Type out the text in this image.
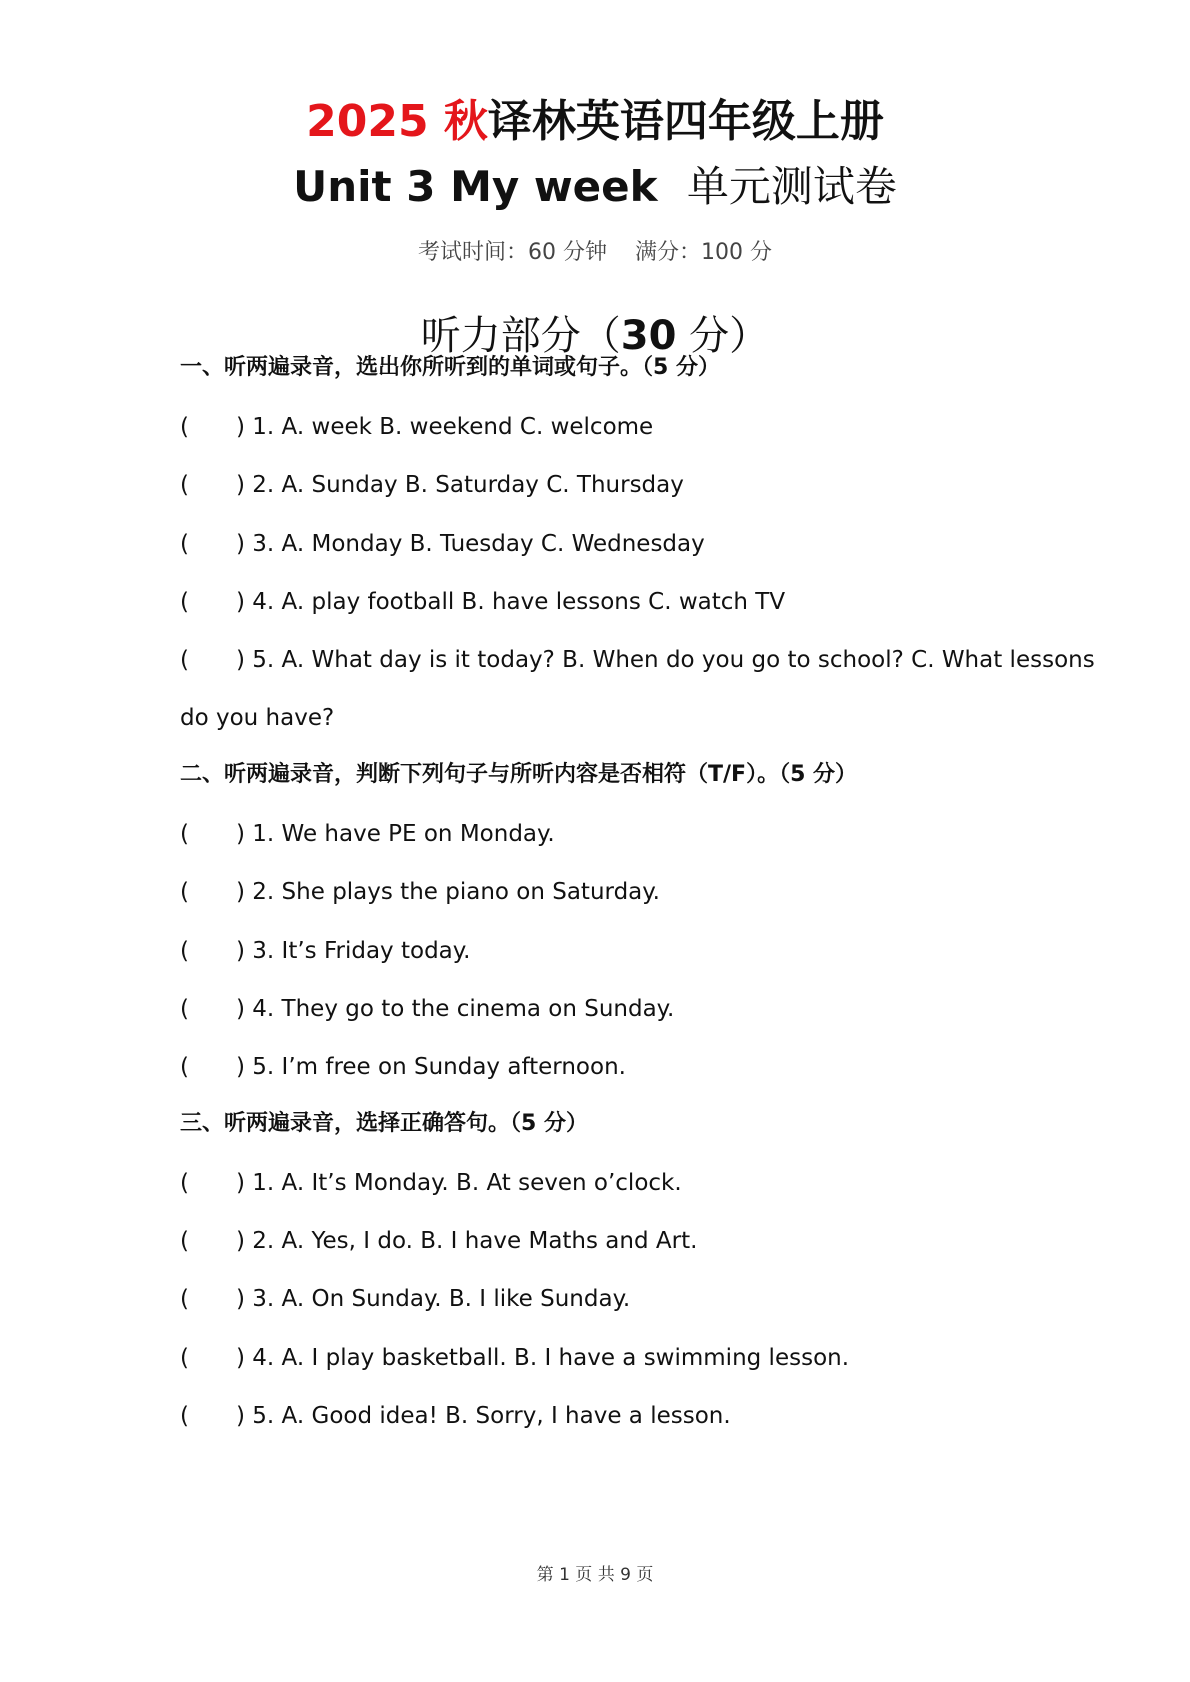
2025 秋译林英语四年级上册
Unit 3 My week 单元测试卷
考试时间：60 分钟    满分：100 分
听力部分（30 分）
一、听两遍录音，选出你所听到的单词或句子。（5 分）
( ) 1. A. week B. weekend C. welcome
( ) 2. A. Sunday B. Saturday C. Thursday
( ) 3. A. Monday B. Tuesday C. Wednesday
( ) 4. A. play football B. have lessons C. watch TV
( ) 5. A. What day is it today? B. When do you go to school? C. What lessons
do you have?
二、听两遍录音，判断下列句子与所听内容是否相符（T/F）。（5 分）
( ) 1. We have PE on Monday.
( ) 2. She plays the piano on Saturday.
( ) 3. It’s Friday today.
( ) 4. They go to the cinema on Sunday.
( ) 5. I’m free on Sunday afternoon.
三、听两遍录音，选择正确答句。（5 分）
( ) 1. A. It’s Monday. B. At seven o’clock.
( ) 2. A. Yes, I do. B. I have Maths and Art.
( ) 3. A. On Sunday. B. I like Sunday.
( ) 4. A. I play basketball. B. I have a swimming lesson.
( ) 5. A. Good idea! B. Sorry, I have a lesson.
第 1 页 共 9 页
